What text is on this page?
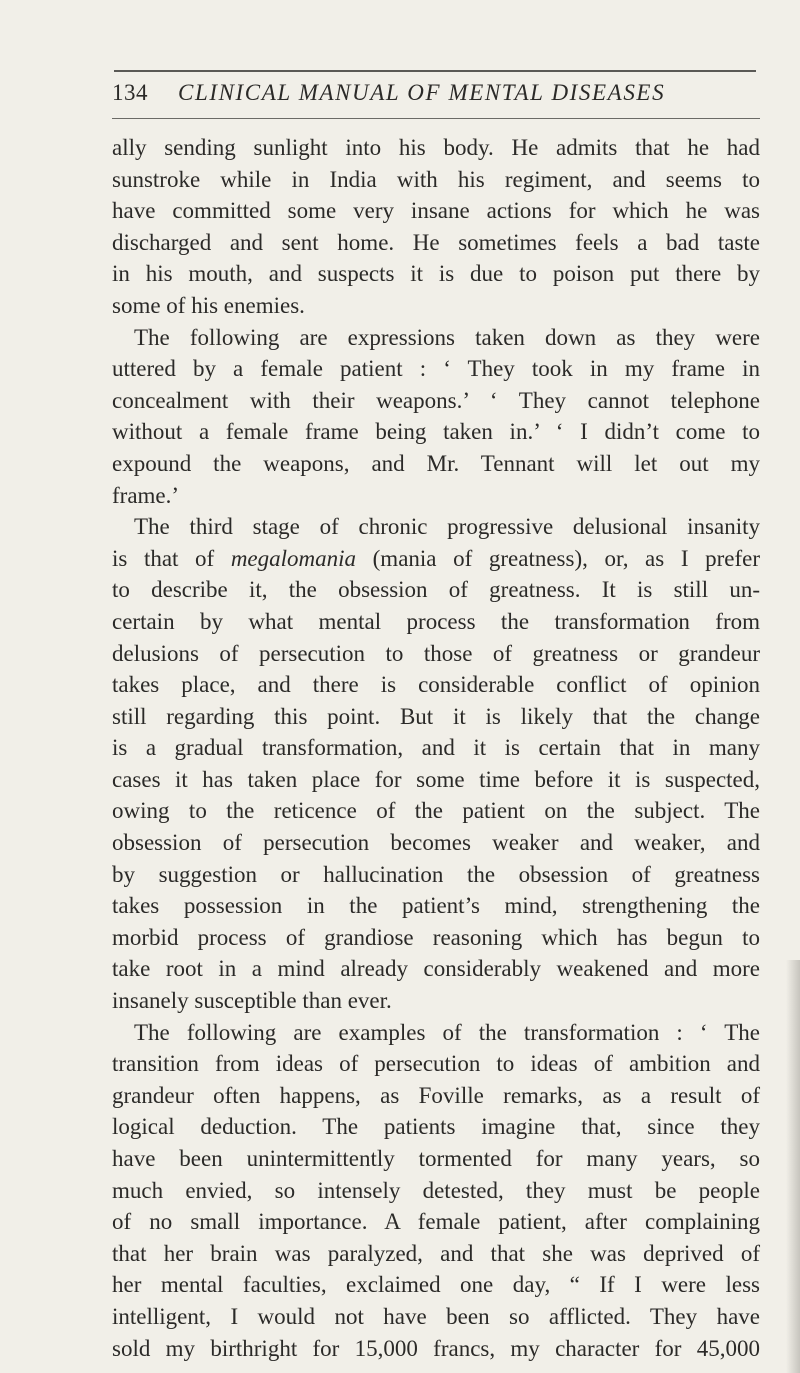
134 CLINICAL MANUAL OF MENTAL DISEASES
ally sending sunlight into his body. He admits that he had
sunstroke while in India with his regiment, and seems to
have committed some very insane actions for which he was
discharged and sent home. He sometimes feels a bad taste
in his mouth, and suspects it is due to poison put there by
some of his enemies.
The following are expressions taken down as they were
uttered by a female patient : ‘ They took in my frame in
concealment with their weapons.’ ‘ They cannot telephone
without a female frame being taken in.’ ‘ I didn’t come to
expound the weapons, and Mr. Tennant will let out my
frame.’
The third stage of chronic progressive delusional insanity
is that of megalomania (mania of greatness), or, as I prefer
to describe it, the obsession of greatness. It is still un-
certain by what mental process the transformation from
delusions of persecution to those of greatness or grandeur
takes place, and there is considerable conflict of opinion
still regarding this point. But it is likely that the change
is a gradual transformation, and it is certain that in many
cases it has taken place for some time before it is suspected,
owing to the reticence of the patient on the subject. The
obsession of persecution becomes weaker and weaker, and
by suggestion or hallucination the obsession of greatness
takes possession in the patient’s mind, strengthening the
morbid process of grandiose reasoning which has begun to
take root in a mind already considerably weakened and more
insanely susceptible than ever.
The following are examples of the transformation : ‘ The
transition from ideas of persecution to ideas of ambition and
grandeur often happens, as Foville remarks, as a result of
logical deduction. The patients imagine that, since they
have been unintermittently tormented for many years, so
much envied, so intensely detested, they must be people
of no small importance. A female patient, after complaining
that her brain was paralyzed, and that she was deprived of
her mental faculties, exclaimed one day, “ If I were less
intelligent, I would not have been so afflicted. They have
sold my birthright for 15,000 francs, my character for 45,000
